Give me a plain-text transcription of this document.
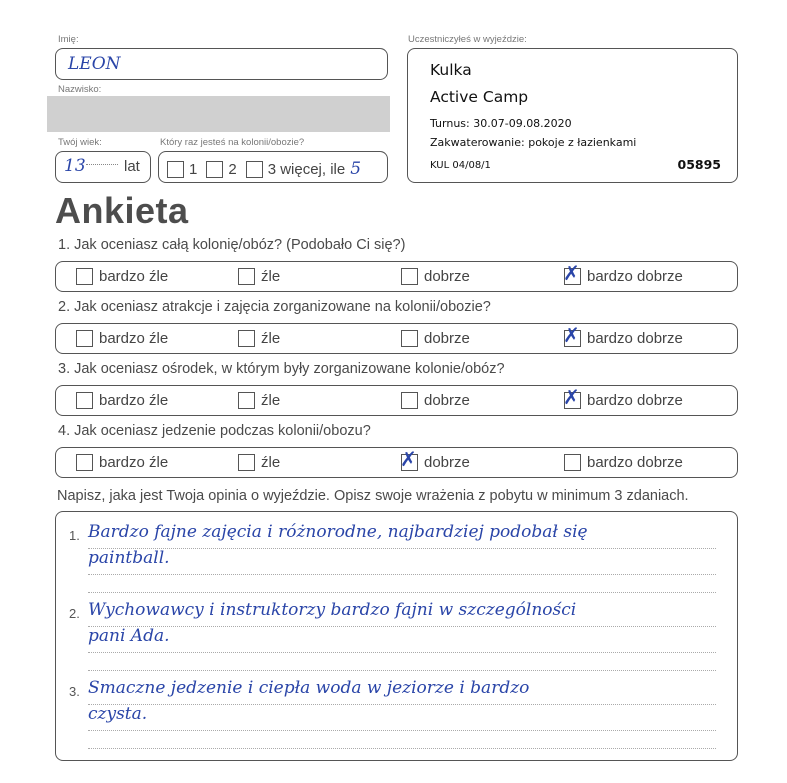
Imię:
LEON
Nazwisko:
Twój wiek:
13	lat
Który raz jesteś na kolonii/obozie?
1 2 3 więcej, ile 5
Uczestniczyłeś w wyjeździe:
Kulka
Active Camp
Turnus: 30.07-09.08.2020
Zakwaterowanie: pokoje z łazienkami
KUL 04/08/1	05895
Ankieta
1. Jak oceniasz całą kolonię/obóz? (Podobało Ci się?)
bardzo źle	źle	dobrze	✗ bardzo dobrze
2. Jak oceniasz atrakcje i zajęcia zorganizowane na kolonii/obozie?
bardzo źle	źle	dobrze	✗ bardzo dobrze
3. Jak oceniasz ośrodek, w którym były zorganizowane kolonie/obóz?
bardzo źle	źle	dobrze	✗ bardzo dobrze
4. Jak oceniasz jedzenie podczas kolonii/obozu?
bardzo źle	źle	✗ dobrze	bardzo dobrze
Napisz, jaka jest Twoja opinia o wyjeździe. Opisz swoje wrażenia z pobytu w minimum 3 zdaniach.
1. Bardzo fajne zajęcia i różnorodne, najbardziej podobał się
paintball.
2. Wychowawcy i instruktorzy bardzo fajni w szczególności
pani Ada.
3. Smaczne jedzenie i ciepła woda w jeziorze i bardzo
czysta.
